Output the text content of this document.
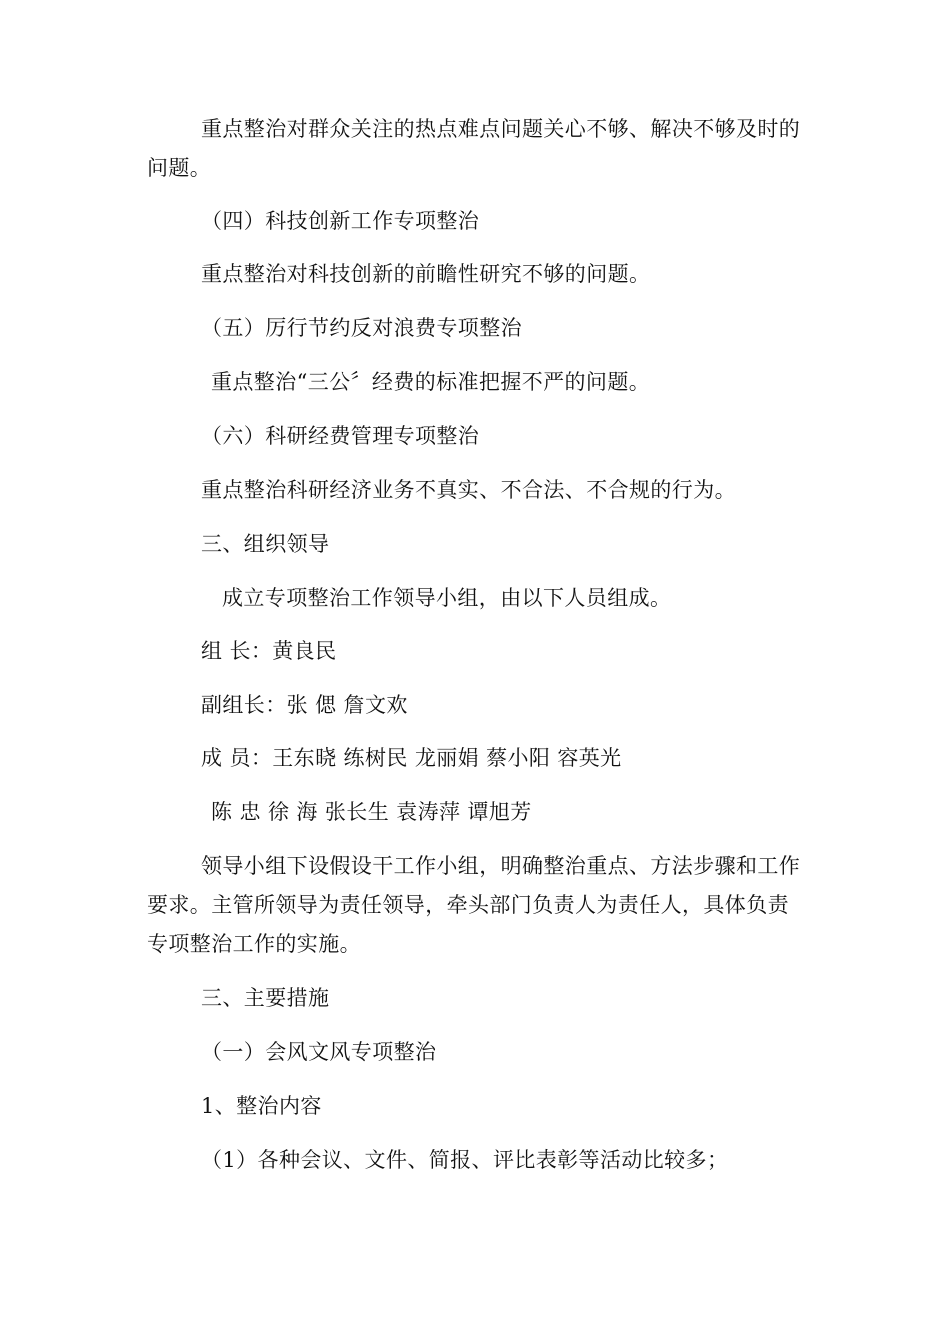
重点整治对群众关注的热点难点问题关心不够、解决不够及时的
问题。
（四）科技创新工作专项整治
重点整治对科技创新的前瞻性研究不够的问题。
（五）厉行节约反对浪费专项整治
重点整治“三公〞经费的标准把握不严的问题。
（六）科研经费管理专项整治
重点整治科研经济业务不真实、不合法、不合规的行为。
三、组织领导
成立专项整治工作领导小组，由以下人员组成。
组 长：黄良民
副组长：张 偲 詹文欢
成 员：王东晓 练树民 龙丽娟 蔡小阳 容英光
陈 忠 徐 海 张长生 袁涛萍 谭旭芳
领导小组下设假设干工作小组，明确整治重点、方法步骤和工作
要求。主管所领导为责任领导，牵头部门负责人为责任人，具体负责
专项整治工作的实施。
三、主要措施
（一）会风文风专项整治
1、整治内容
（1）各种会议、文件、简报、评比表彰等活动比较多；
